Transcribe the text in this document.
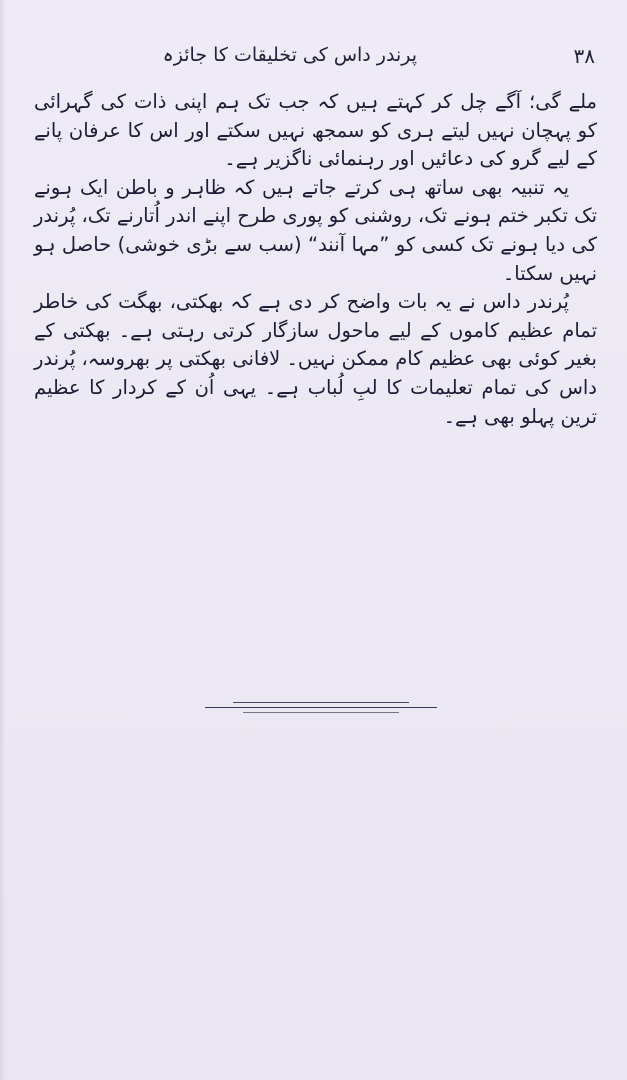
۳۸
پرندر داس کی تخلیقات کا جائزہ

ملے گی؛ آگے چل کر کہتے ہیں کہ جب تک ہم اپنی ذات کی گہرائی کو پہچان نہیں لیتے ہری کو سمجھ نہیں سکتے اور اس کا عرفان پانے کے لیے گرو کی دعائیں اور رہنمائی ناگزیر ہے۔

یہ تنبیہ بھی ساتھ ہی کرتے جاتے ہیں کہ ظاہر و باطن ایک ہونے تک تکبر ختم ہونے تک، روشنی کو پوری طرح اپنے اندر اُتارنے تک، پُرندر کی دیا ہونے تک کسی کو ”مہا آنند“ (سب سے بڑی خوشی) حاصل ہو نہیں سکتا۔

پُرندر داس نے یہ بات واضح کر دی ہے کہ بھکتی، بھگت کی خاطر تمام عظیم کاموں کے لیے ماحول سازگار کرتی رہتی ہے۔ بھکتی کے بغیر کوئی بھی عظیم کام ممکن نہیں۔ لافانی بھکتی پر بھروسہ، پُرندر داس کی تمام تعلیمات کا لبِ لُباب ہے۔ یہی اُن کے کردار کا عظیم ترین پہلو بھی ہے۔
